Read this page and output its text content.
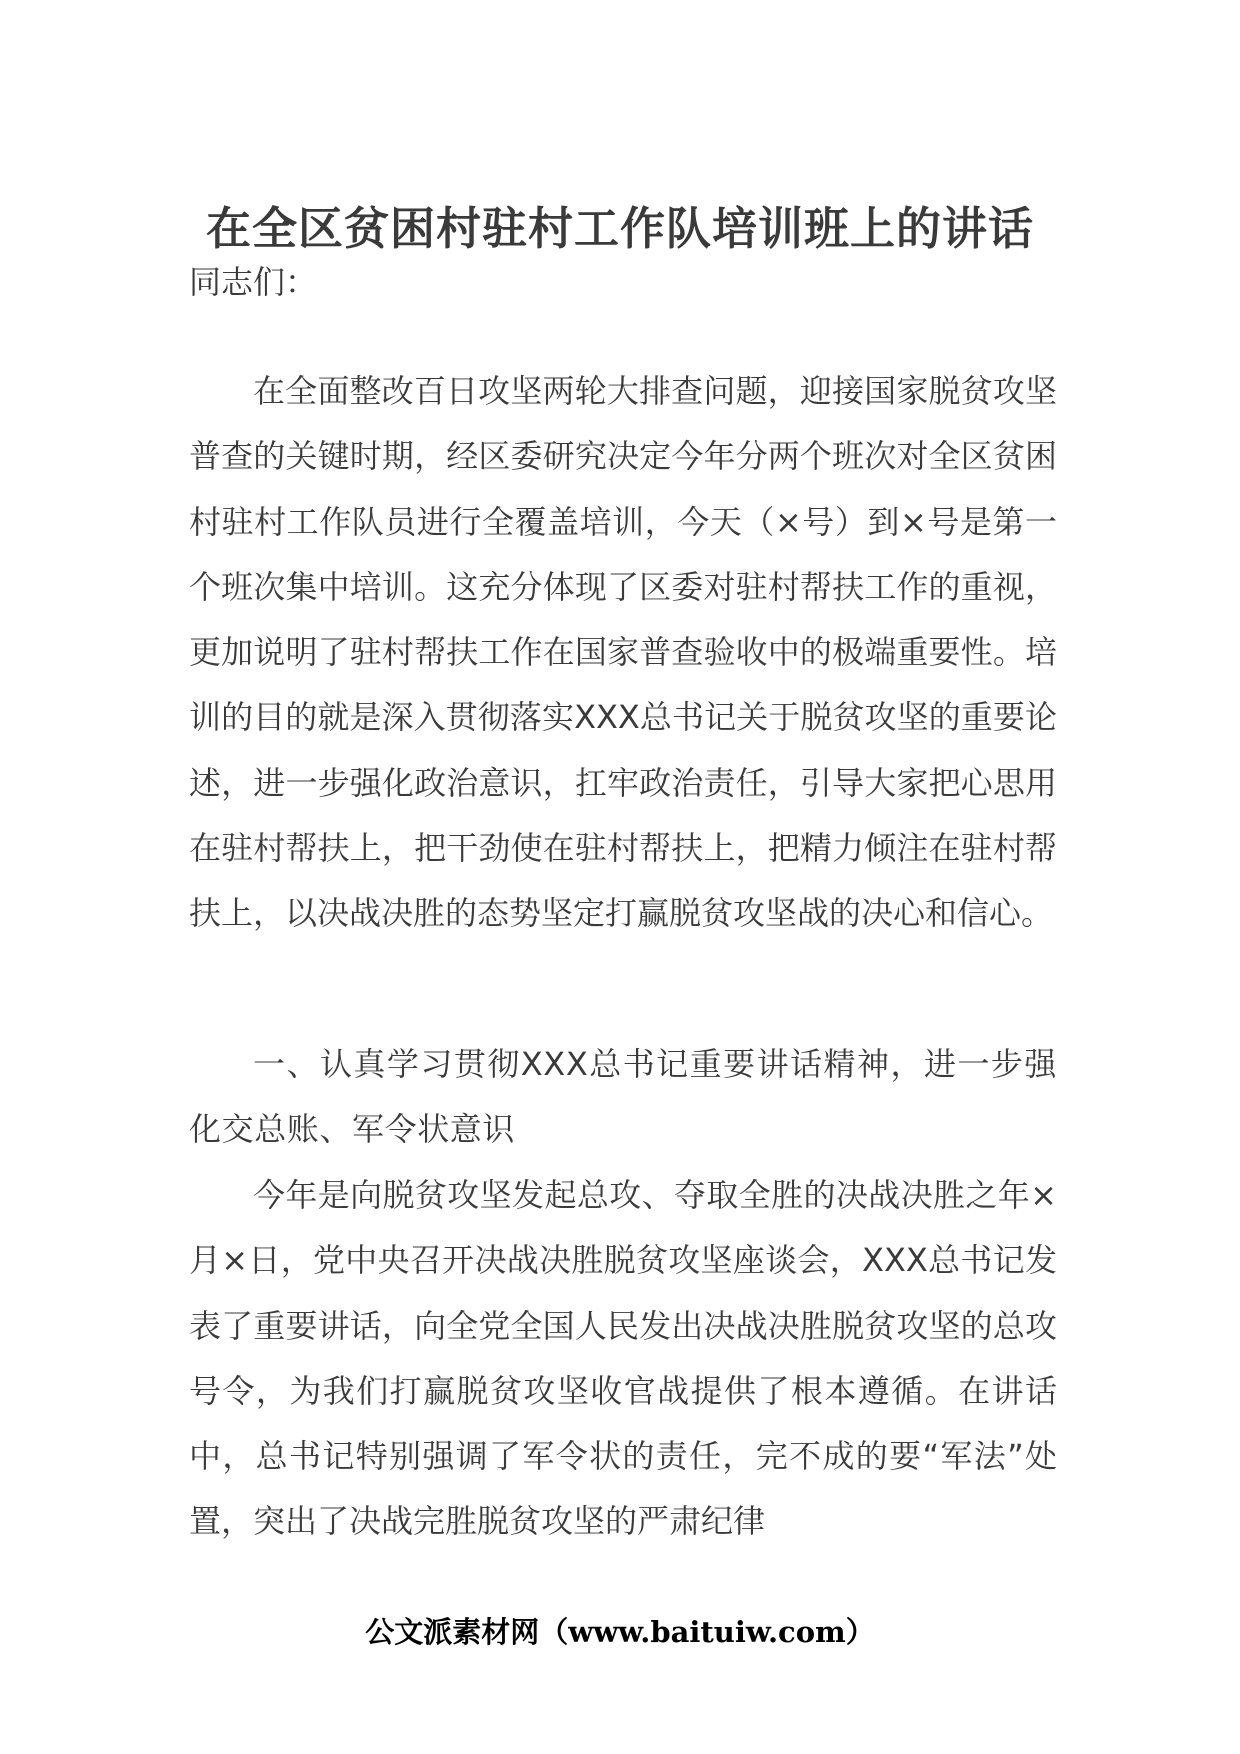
在全区贫困村驻村工作队培训班上的讲话
同志们：

在全面整改百日攻坚两轮大排查问题，迎接国家脱贫攻坚普查的关键时期，经区委研究决定今年分两个班次对全区贫困村驻村工作队员进行全覆盖培训，今天（×号）到×号是第一个班次集中培训。这充分体现了区委对驻村帮扶工作的重视，更加说明了驻村帮扶工作在国家普查验收中的极端重要性。培训的目的就是深入贯彻落实XXX总书记关于脱贫攻坚的重要论述，进一步强化政治意识，扛牢政治责任，引导大家把心思用在驻村帮扶上，把干劲使在驻村帮扶上，把精力倾注在驻村帮扶上，以决战决胜的态势坚定打赢脱贫攻坚战的决心和信心。

一、认真学习贯彻XXX总书记重要讲话精神，进一步强化交总账、军令状意识

今年是向脱贫攻坚发起总攻、夺取全胜的决战决胜之年×月×日，党中央召开决战决胜脱贫攻坚座谈会，XXX总书记发表了重要讲话，向全党全国人民发出决战决胜脱贫攻坚的总攻号令，为我们打赢脱贫攻坚收官战提供了根本遵循。在讲话中，总书记特别强调了军令状的责任，完不成的要“军法”处置，突出了决战完胜脱贫攻坚的严肃纪律

公文派素材网（www.baituiw.com）
